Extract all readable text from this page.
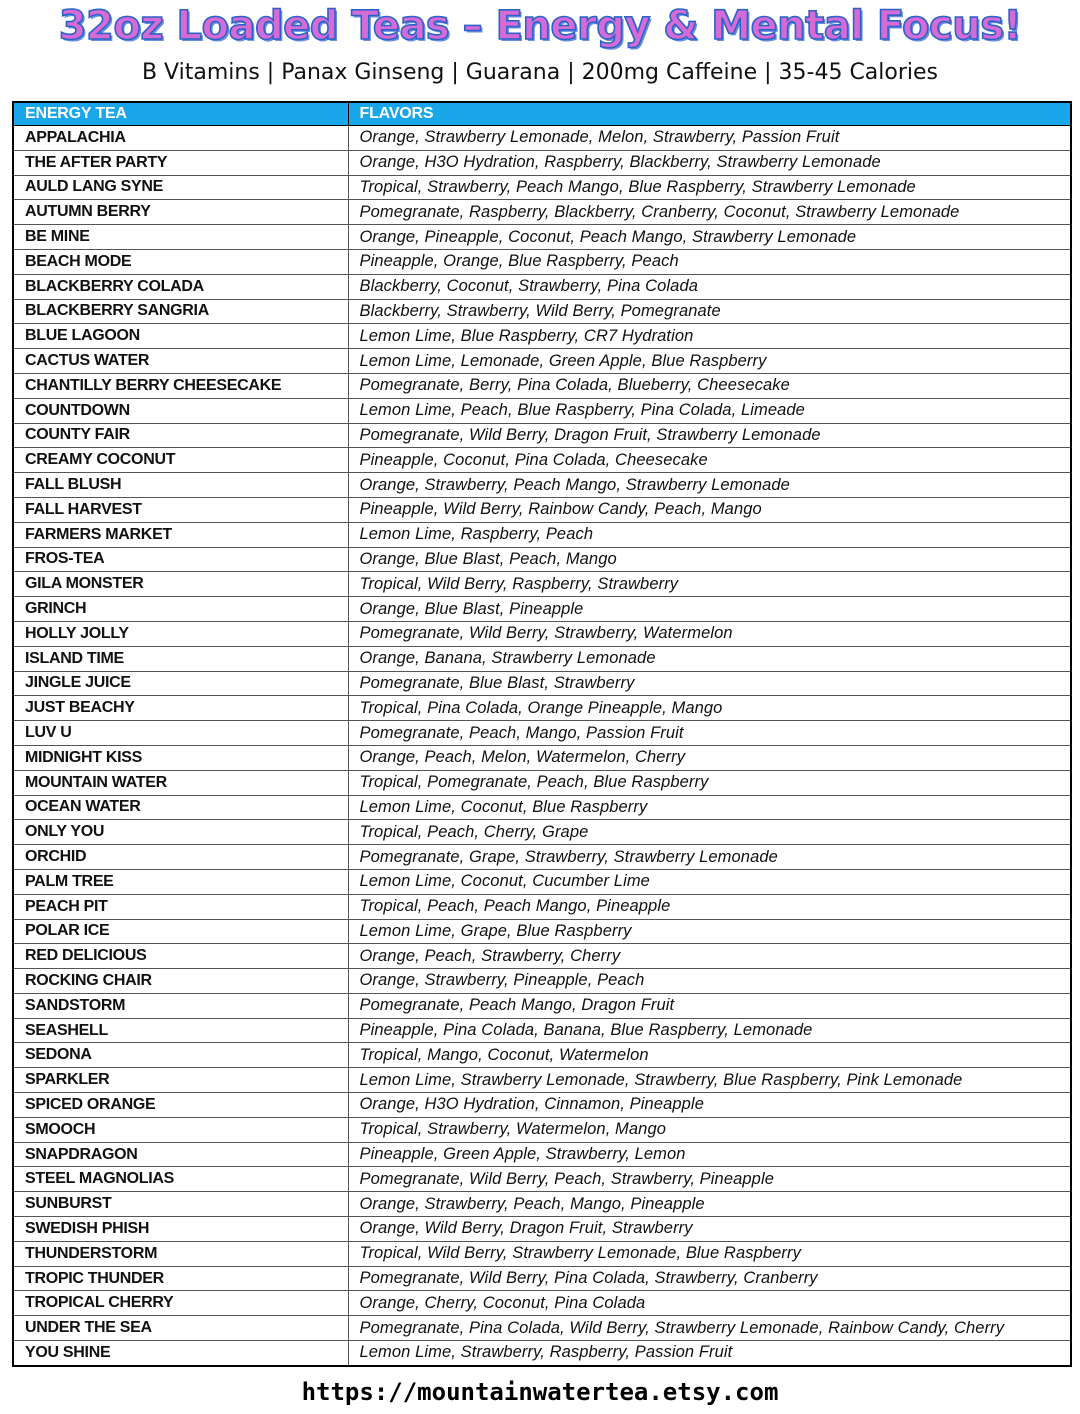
32oz Loaded Teas – Energy & Mental Focus!
B Vitamins | Panax Ginseng | Guarana | 200mg Caffeine | 35-45 Calories
ENERGY TEA	FLAVORS
APPALACHIA	Orange, Strawberry Lemonade, Melon, Strawberry, Passion Fruit
THE AFTER PARTY	Orange, H3O Hydration, Raspberry, Blackberry, Strawberry Lemonade
AULD LANG SYNE	Tropical, Strawberry, Peach Mango, Blue Raspberry, Strawberry Lemonade
AUTUMN BERRY	Pomegranate, Raspberry, Blackberry, Cranberry, Coconut, Strawberry Lemonade
BE MINE	Orange, Pineapple, Coconut, Peach Mango, Strawberry Lemonade
BEACH MODE	Pineapple, Orange, Blue Raspberry, Peach
BLACKBERRY COLADA	Blackberry, Coconut, Strawberry, Pina Colada
BLACKBERRY SANGRIA	Blackberry, Strawberry, Wild Berry, Pomegranate
BLUE LAGOON	Lemon Lime, Blue Raspberry, CR7 Hydration
CACTUS WATER	Lemon Lime, Lemonade, Green Apple, Blue Raspberry
CHANTILLY BERRY CHEESECAKE	Pomegranate, Berry, Pina Colada, Blueberry, Cheesecake
COUNTDOWN	Lemon Lime, Peach, Blue Raspberry, Pina Colada, Limeade
COUNTY FAIR	Pomegranate, Wild Berry, Dragon Fruit, Strawberry Lemonade
CREAMY COCONUT	Pineapple, Coconut, Pina Colada, Cheesecake
FALL BLUSH	Orange, Strawberry, Peach Mango, Strawberry Lemonade
FALL HARVEST	Pineapple, Wild Berry, Rainbow Candy, Peach, Mango
FARMERS MARKET	Lemon Lime, Raspberry, Peach
FROS-TEA	Orange, Blue Blast, Peach, Mango
GILA MONSTER	Tropical, Wild Berry, Raspberry, Strawberry
GRINCH	Orange, Blue Blast, Pineapple
HOLLY JOLLY	Pomegranate, Wild Berry, Strawberry, Watermelon
ISLAND TIME	Orange, Banana, Strawberry Lemonade
JINGLE JUICE	Pomegranate, Blue Blast, Strawberry
JUST BEACHY	Tropical, Pina Colada, Orange Pineapple, Mango
LUV U	Pomegranate, Peach, Mango, Passion Fruit
MIDNIGHT KISS	Orange, Peach, Melon, Watermelon, Cherry
MOUNTAIN WATER	Tropical, Pomegranate, Peach, Blue Raspberry
OCEAN WATER	Lemon Lime, Coconut, Blue Raspberry
ONLY YOU	Tropical, Peach, Cherry, Grape
ORCHID	Pomegranate, Grape, Strawberry, Strawberry Lemonade
PALM TREE	Lemon Lime, Coconut, Cucumber Lime
PEACH PIT	Tropical, Peach, Peach Mango, Pineapple
POLAR ICE	Lemon Lime, Grape, Blue Raspberry
RED DELICIOUS	Orange, Peach, Strawberry, Cherry
ROCKING CHAIR	Orange, Strawberry, Pineapple, Peach
SANDSTORM	Pomegranate, Peach Mango, Dragon Fruit
SEASHELL	Pineapple, Pina Colada, Banana, Blue Raspberry, Lemonade
SEDONA	Tropical, Mango, Coconut, Watermelon
SPARKLER	Lemon Lime, Strawberry Lemonade, Strawberry, Blue Raspberry, Pink Lemonade
SPICED ORANGE	Orange, H3O Hydration, Cinnamon, Pineapple
SMOOCH	Tropical, Strawberry, Watermelon, Mango
SNAPDRAGON	Pineapple, Green Apple, Strawberry, Lemon
STEEL MAGNOLIAS	Pomegranate, Wild Berry, Peach, Strawberry, Pineapple
SUNBURST	Orange, Strawberry, Peach, Mango, Pineapple
SWEDISH PHISH	Orange, Wild Berry, Dragon Fruit, Strawberry
THUNDERSTORM	Tropical, Wild Berry, Strawberry Lemonade, Blue Raspberry
TROPIC THUNDER	Pomegranate, Wild Berry, Pina Colada, Strawberry, Cranberry
TROPICAL CHERRY	Orange, Cherry, Coconut, Pina Colada
UNDER THE SEA	Pomegranate, Pina Colada, Wild Berry, Strawberry Lemonade, Rainbow Candy, Cherry
YOU SHINE	Lemon Lime, Strawberry, Raspberry, Passion Fruit
https://mountainwatertea.etsy.com
